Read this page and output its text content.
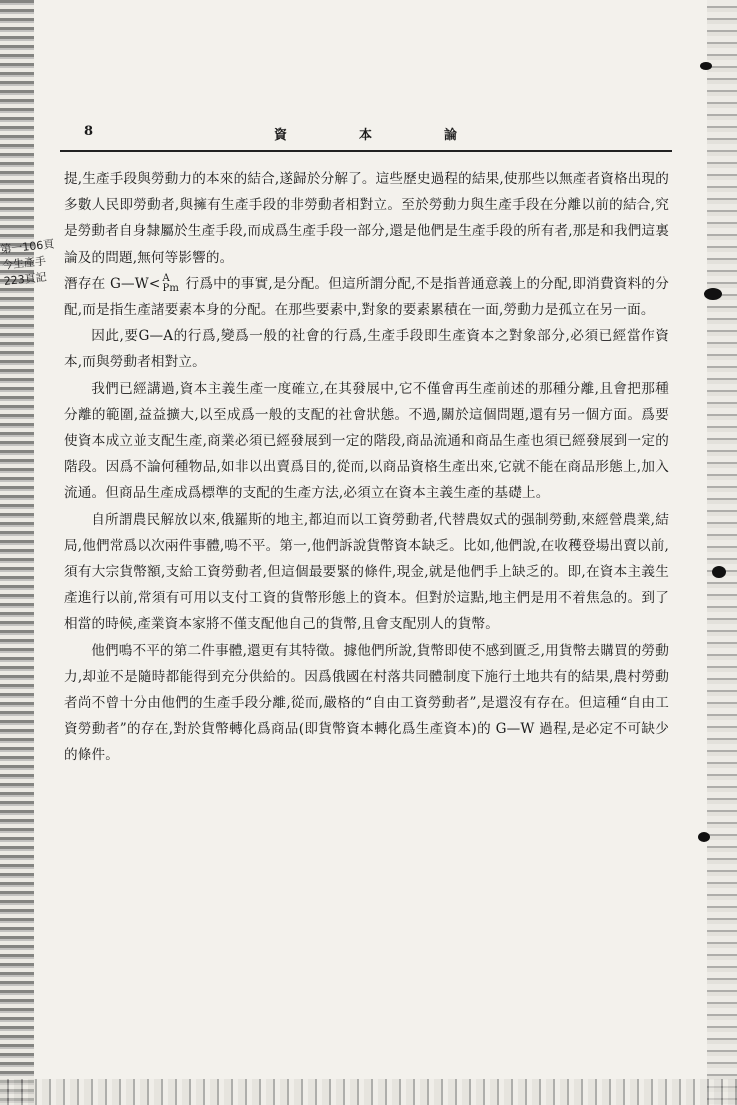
8	資本論
第一106頁
今生產手
223頁記

提,生產手段與勞動力的本來的結合,遂歸於分解了。這些歷史過程的結果,使那些以無產者資格出現的多數人民即勞動者,與擁有生產手段的非勞動者相對立。至於勞動力與生產手段在分離以前的結合,究是勞動者自身隸屬於生產手段,而成爲生產手段一部分,還是他們是生產手段的所有者,那是和我們這裏論及的問題,無何等影響的。

潛存在 G—W< A
Pm 行爲中的事實,是分配。但這所謂分配,不是指普通意義上的分配,即消費資料的分配,而是指生產諸要素本身的分配。在那些要素中,對象的要素累積在一面,勞動力是孤立在另一面。

因此,要G—A的行爲,變爲一般的社會的行爲,生產手段即生產資本之對象部分,必須已經當作資本,而與勞動者相對立。

我們已經講過,資本主義生產一度確立,在其發展中,它不僅會再生產前述的那種分離,且會把那種分離的範圍,益益擴大,以至成爲一般的支配的社會狀態。不過,關於這個問題,還有另一個方面。爲要使資本成立並支配生產,商業必須已經發展到一定的階段,商品流通和商品生產也須已經發展到一定的階段。因爲不論何種物品,如非以出賣爲目的,從而,以商品資格生產出來,它就不能在商品形態上,加入流通。但商品生產成爲標準的支配的生產方法,必須立在資本主義生產的基礎上。

自所謂農民解放以來,俄羅斯的地主,都迫而以工資勞動者,代替農奴式的强制勞動,來經營農業,結局,他們常爲以次兩件事體,鳴不平。第一,他們訴說貨幣資本缺乏。比如,他們說,在收穫登場出賣以前,須有大宗貨幣額,支給工資勞動者,但這個最要緊的條件,現金,就是他們手上缺乏的。即,在資本主義生產進行以前,常須有可用以支付工資的貨幣形態上的資本。但對於這點,地主們是用不着焦急的。到了相當的時候,產業資本家將不僅支配他自己的貨幣,且會支配別人的貨幣。

他們鳴不平的第二件事體,還更有其特徵。據他們所說,貨幣即使不感到匱乏,用貨幣去購買的勞動力,却並不是隨時都能得到充分供給的。因爲俄國在村落共同體制度下施行土地共有的結果,農村勞動者尚不曾十分由他們的生產手段分離,從而,嚴格的“自由工資勞動者”,是還沒有存在。但這種“自由工資勞動者”的存在,對於貨幣轉化爲商品(即貨幣資本轉化爲生產資本)的 G—W 過程,是必定不可缺少的條件。
